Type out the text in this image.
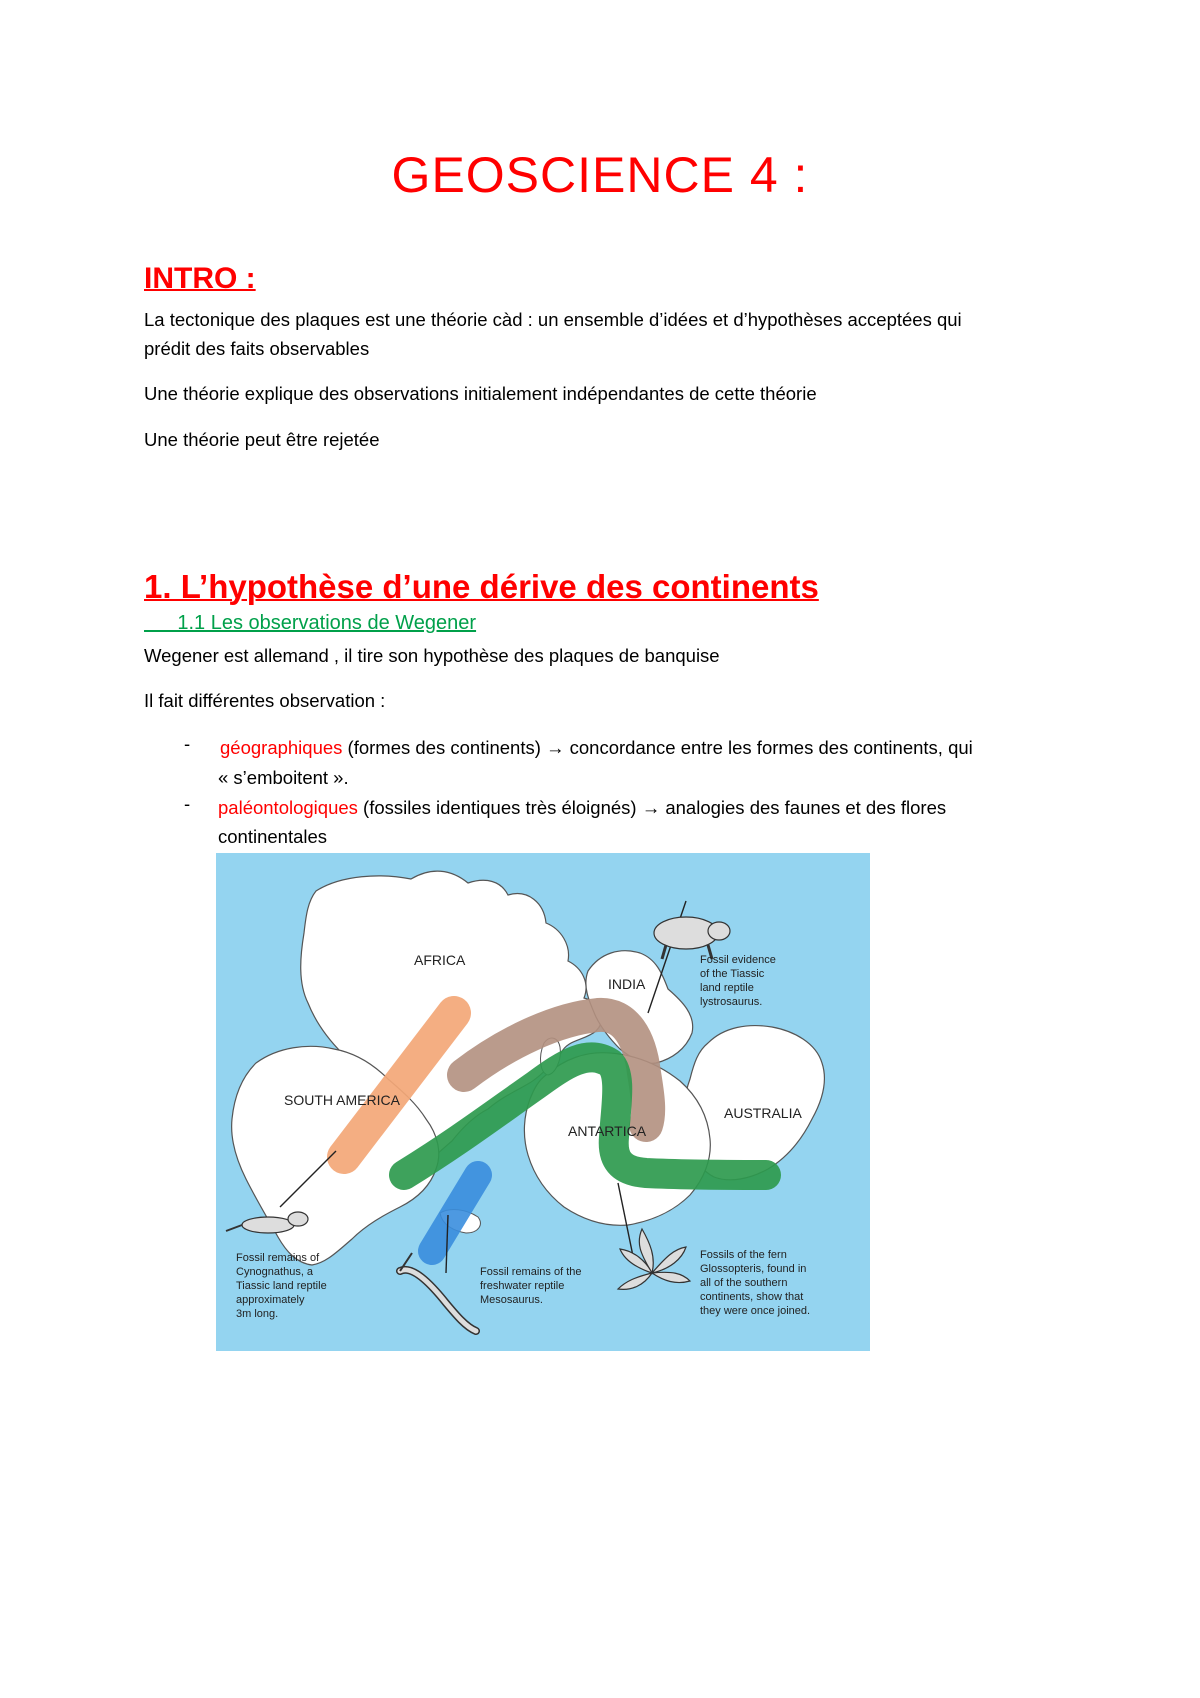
GEOSCIENCE 4 :
INTRO :
La tectonique des plaques est une théorie càd : un ensemble d’idées et d’hypothèses acceptées qui
prédit des faits observables
Une théorie explique des observations initialement indépendantes de cette théorie
Une théorie peut être rejetée
1. L’hypothèse d’une dérive des continents
1.1 Les observations de Wegener
Wegener est allemand , il tire son hypothèse des plaques de banquise
Il fait différentes observation :
- géographiques (formes des continents) → concordance entre les formes des continents, qui
« s’emboitent ».
- paléontologiques (fossiles identiques très éloignés) → analogies des faunes et des flores
continentales
AFRICA
INDIA
SOUTH AMERICA
ANTARTICA
AUSTRALIA
Fossil evidence of the Tiassic land reptile lystrosaurus.
Fossil remains of Cynognathus, a Tiassic land reptile approximately 3m long.
Fossil remains of the freshwater reptile Mesosaurus.
Fossils of the fern Glossopteris, found in all of the southern continents, show that they were once joined.
